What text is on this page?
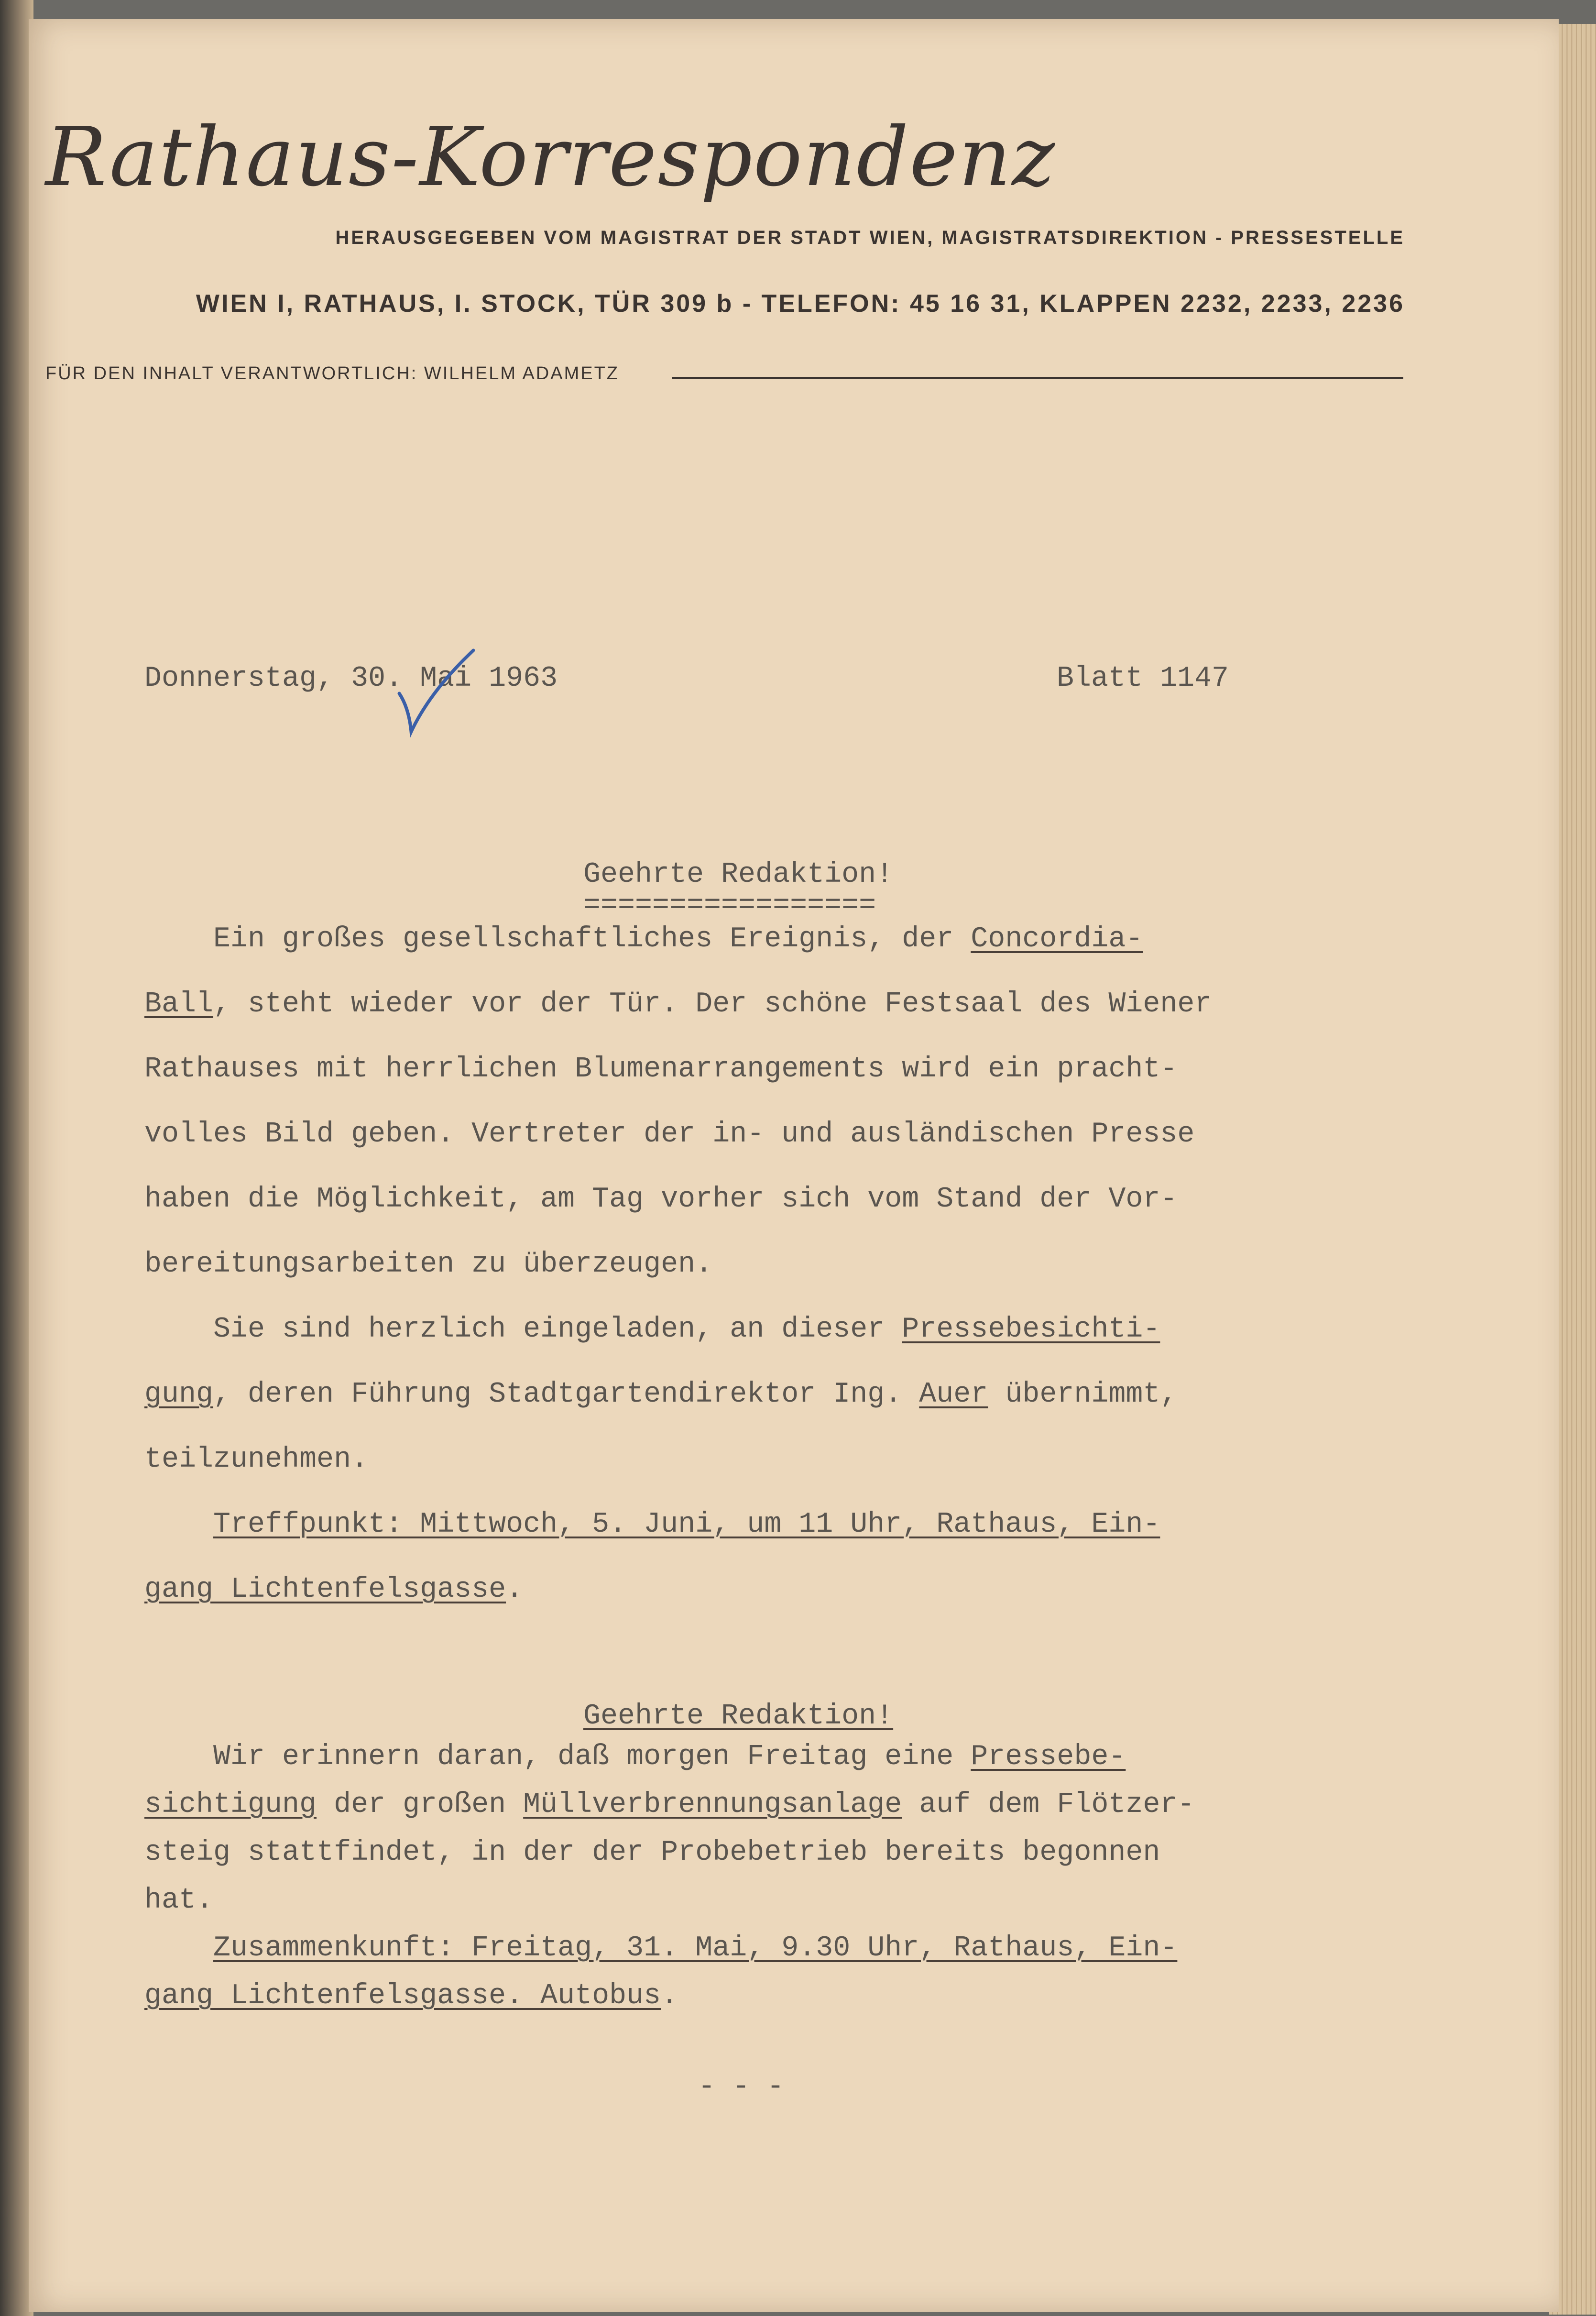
Rathaus-Korrespondenz
HERAUSGEGEBEN VOM MAGISTRAT DER STADT WIEN, MAGISTRATSDIREKTION - PRESSESTELLE
WIEN I, RATHAUS, I. STOCK, TÜR 309 b - TELEFON: 45 16 31, KLAPPEN 2232, 2233, 2236
FÜR DEN INHALT VERANTWORTLICH: WILHELM ADAMETZ
Donnerstag, 30. Mai 1963	Blatt 1147
Geehrte Redaktion!
=================
Ein großes gesellschaftliches Ereignis, der Concordia-
Ball, steht wieder vor der Tür. Der schöne Festsaal des Wiener
Rathauses mit herrlichen Blumenarrangements wird ein pracht-
volles Bild geben. Vertreter der in- und ausländischen Presse
haben die Möglichkeit, am Tag vorher sich vom Stand der Vor-
bereitungsarbeiten zu überzeugen.
Sie sind herzlich eingeladen, an dieser Pressebesichti-
gung, deren Führung Stadtgartendirektor Ing. Auer übernimmt,
teilzunehmen.
Treffpunkt: Mittwoch, 5. Juni, um 11 Uhr, Rathaus, Ein-
gang Lichtenfelsgasse.
Geehrte Redaktion!
Wir erinnern daran, daß morgen Freitag eine Pressebe-
sichtigung der großen Müllverbrennungsanlage auf dem Flötzer-
steig stattfindet, in der der Probebetrieb bereits begonnen
hat.
Zusammenkunft: Freitag, 31. Mai, 9.30 Uhr, Rathaus, Ein-
gang Lichtenfelsgasse. Autobus.
- - -
